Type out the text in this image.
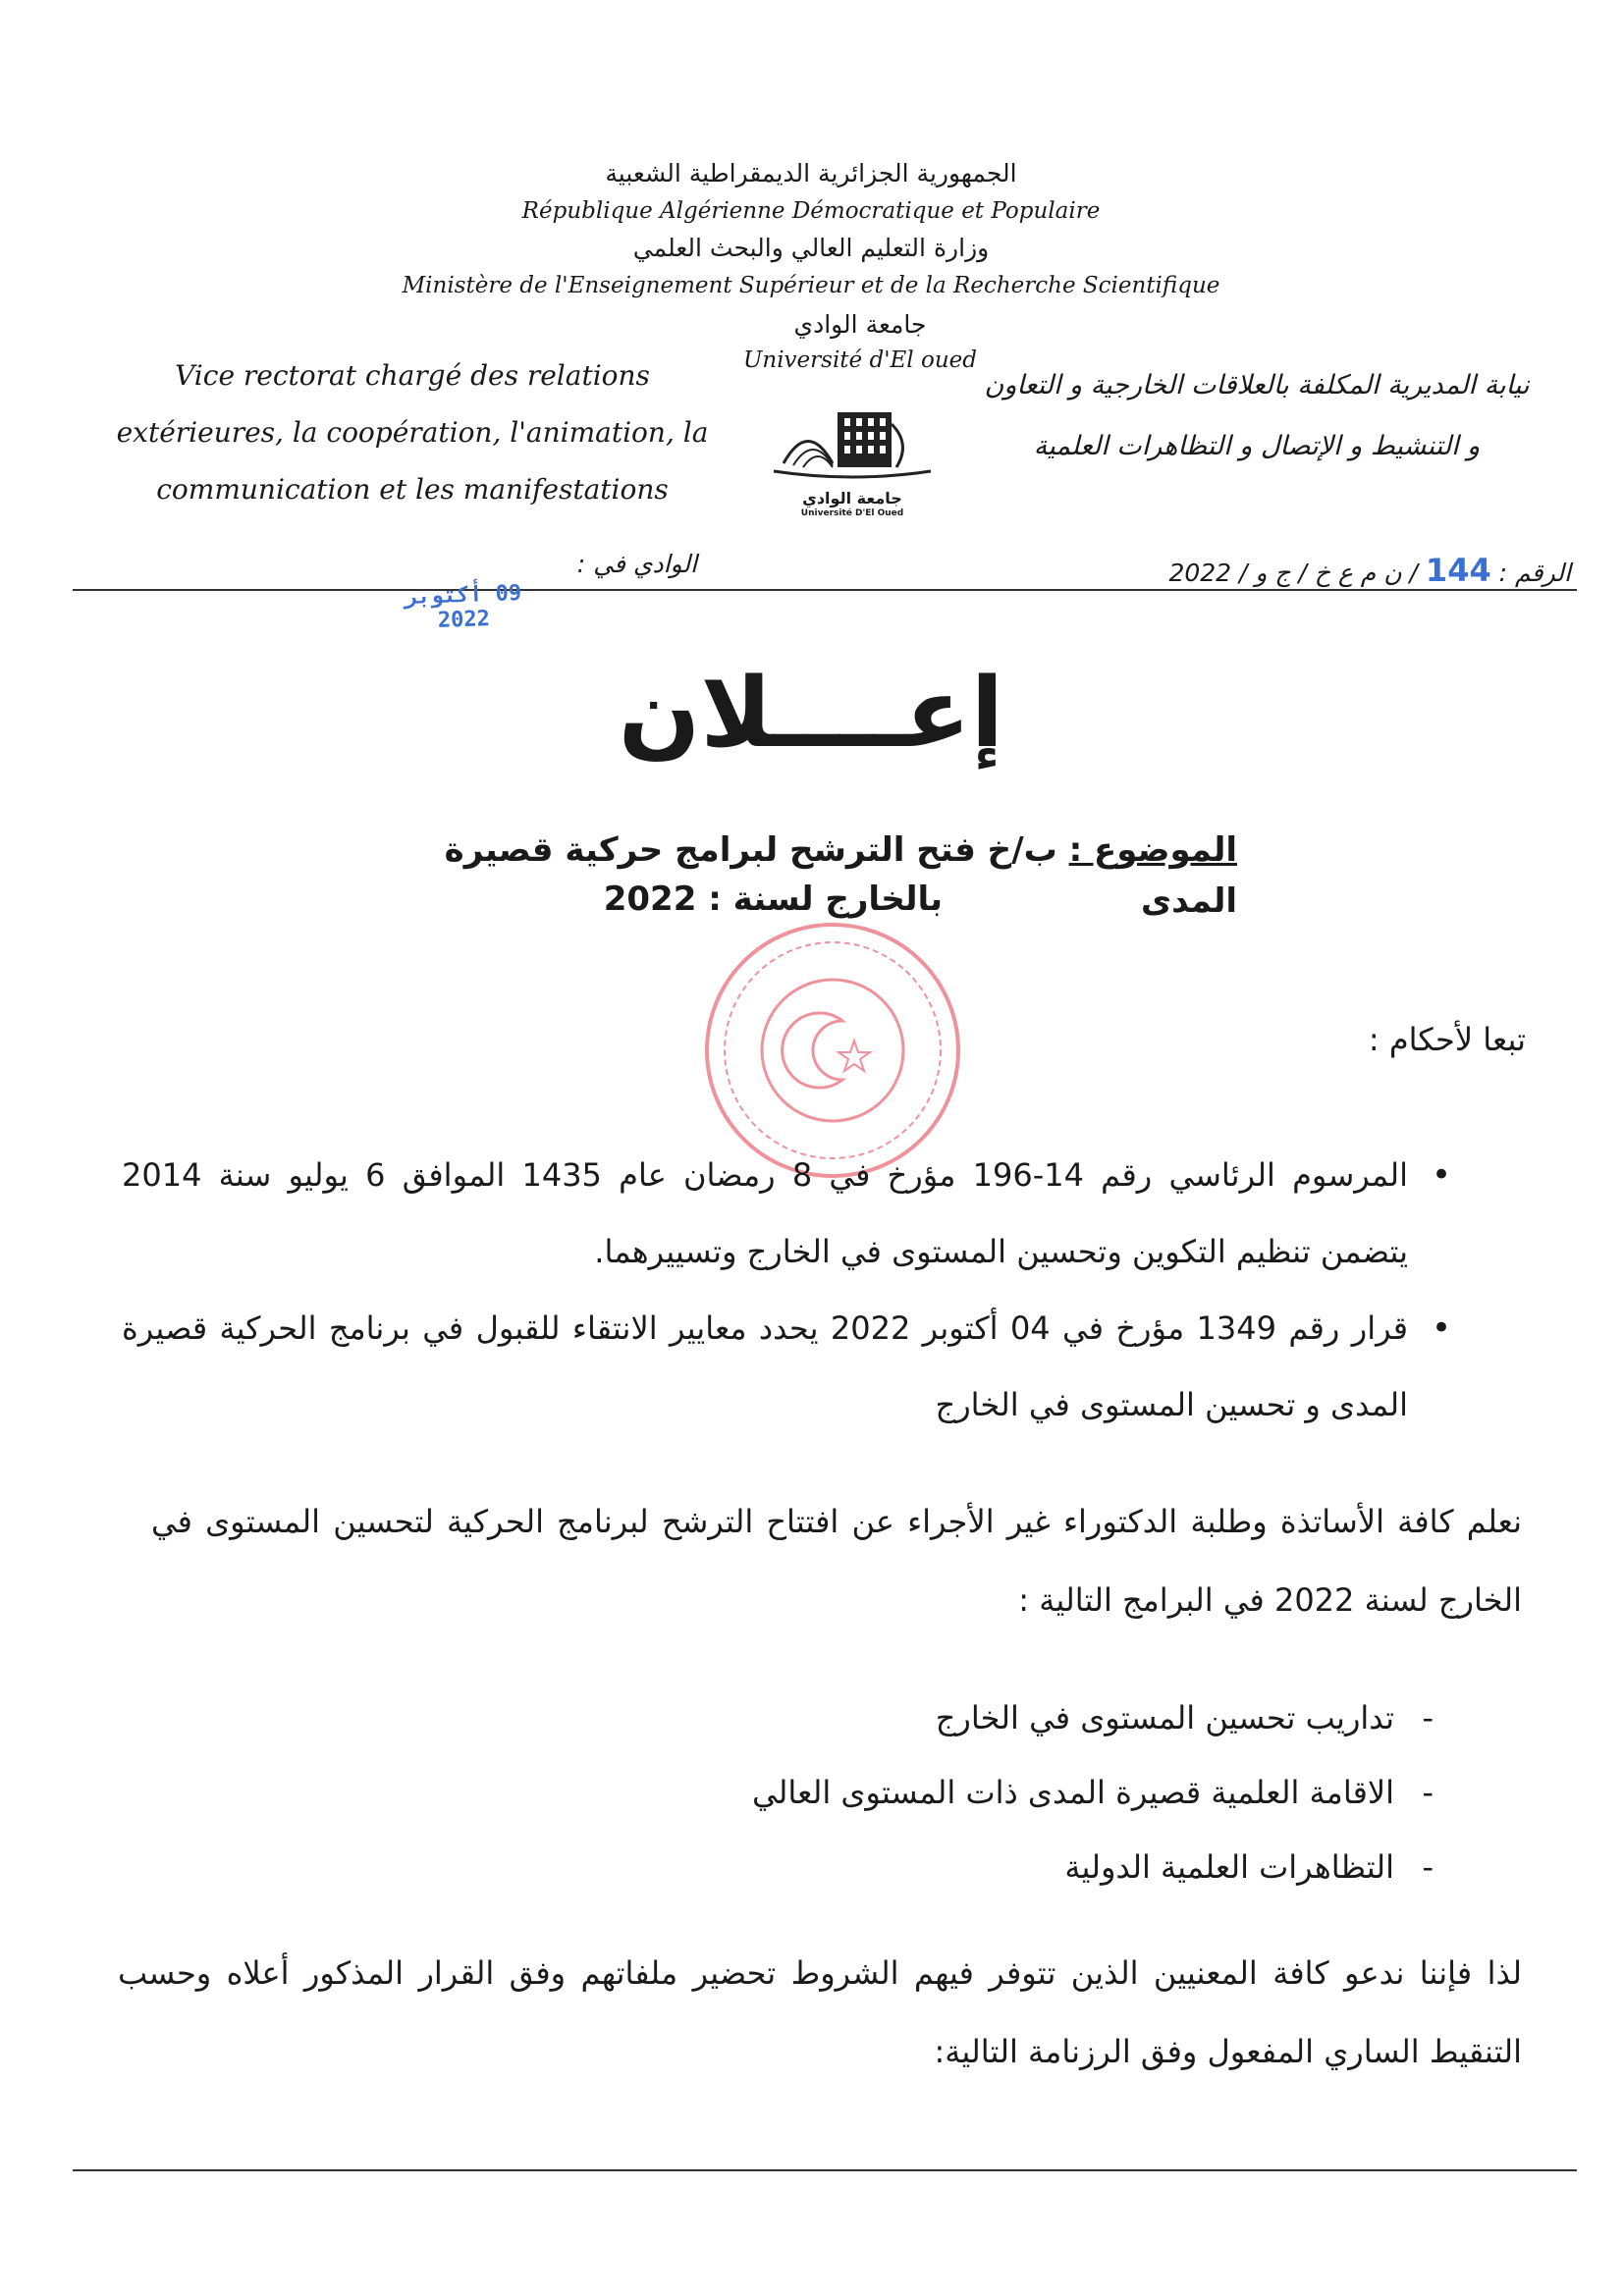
الجمهورية الجزائرية الديمقراطية الشعبية
République Algérienne Démocratique et Populaire
وزارة التعليم العالي والبحث العلمي
Ministère de l'Enseignement Supérieur et de la Recherche Scientifique
جامعة الوادي
Université d'El oued
جامعة الوادي
Université D'El Oued
Vice rectorat chargé des relations
extérieures, la coopération, l'animation, la
communication et les manifestations
نيابة المديرية المكلفة بالعلاقات الخارجية و التعاون
و التنشيط و الإتصال و التظاهرات العلمية
الرقم : 144 / ن م ع خ / ج و / 2022
الوادي في :
09 أكتوبر 2022
إعــــلان
الموضوع : ب/خ فتح الترشح لبرامج حركية قصيرة المدى
بالخارج لسنة : 2022
تبعا لأحكام :
• المرسوم الرئاسي رقم 14-196 مؤرخ في 8 رمضان عام 1435 الموافق 6 يوليو سنة 2014 يتضمن تنظيم التكوين وتحسين المستوى في الخارج وتسييرهما.
• قرار رقم 1349 مؤرخ في 04 أكتوبر 2022 يحدد معايير الانتقاء للقبول في برنامج الحركية قصيرة المدى و تحسين المستوى في الخارج
نعلم كافة الأساتذة وطلبة الدكتوراء غير الأجراء عن افتتاح الترشح لبرنامج الحركية لتحسين المستوى في الخارج لسنة 2022 في البرامج التالية :
- تداريب تحسين المستوى في الخارج
- الاقامة العلمية قصيرة المدى ذات المستوى العالي
- التظاهرات العلمية الدولية
لذا فإننا ندعو كافة المعنيين الذين تتوفر فيهم الشروط تحضير ملفاتهم وفق القرار المذكور أعلاه وحسب التنقيط الساري المفعول وفق الرزنامة التالية:
